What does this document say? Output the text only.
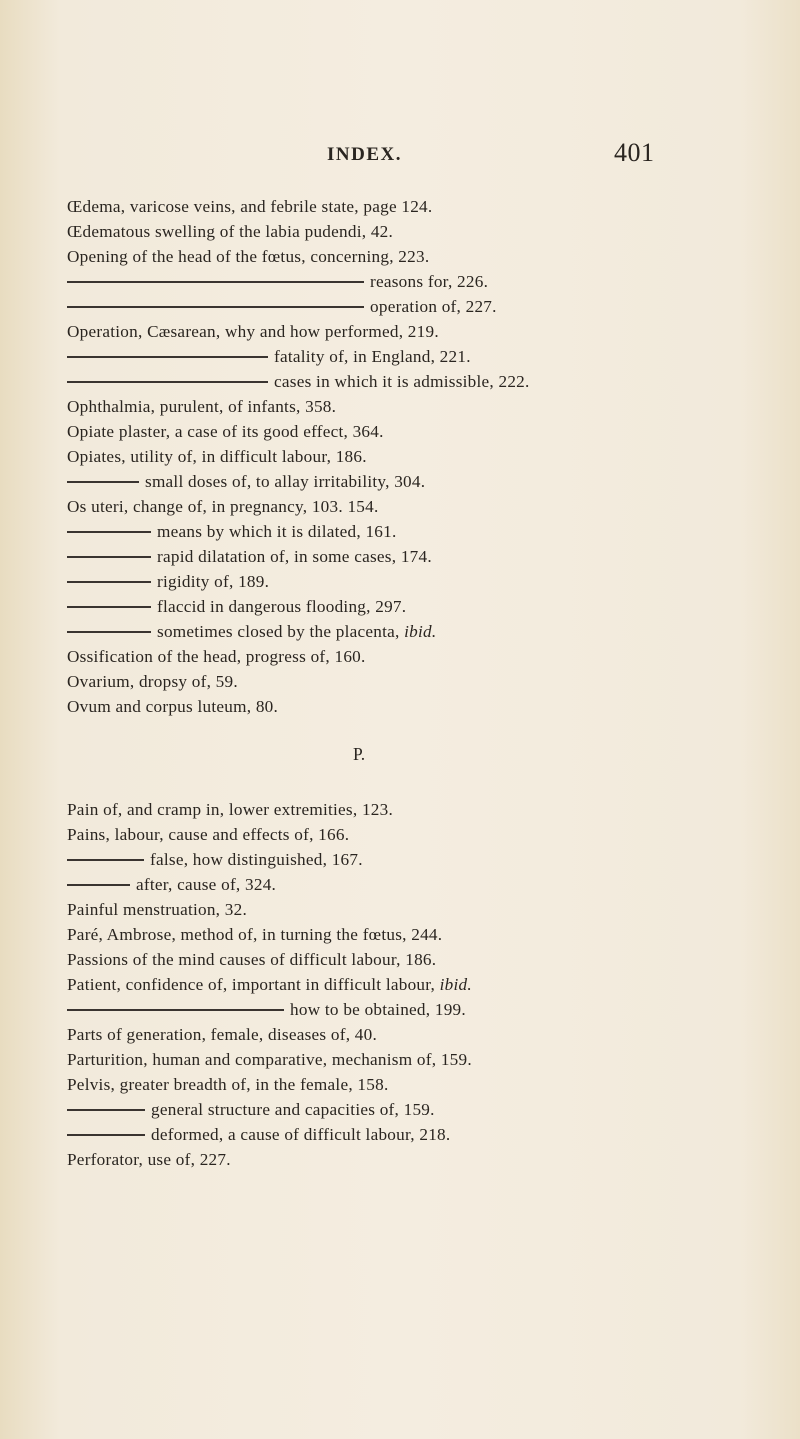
INDEX.	401
Œdema, varicose veins, and febrile state, page 124.
Œdematous swelling of the labia pudendi, 42.
Opening of the head of the fœtus, concerning, 223.
reasons for, 226.
operation of, 227.
Operation, Cæsarean, why and how performed, 219.
fatality of, in England, 221.
cases in which it is admissible, 222.
Ophthalmia, purulent, of infants, 358.
Opiate plaster, a case of its good effect, 364.
Opiates, utility of, in difficult labour, 186.
small doses of, to allay irritability, 304.
Os uteri, change of, in pregnancy, 103. 154.
means by which it is dilated, 161.
rapid dilatation of, in some cases, 174.
rigidity of, 189.
flaccid in dangerous flooding, 297.
sometimes closed by the placenta, ibid.
Ossification of the head, progress of, 160.
Ovarium, dropsy of, 59.
Ovum and corpus luteum, 80.
P.
Pain of, and cramp in, lower extremities, 123.
Pains, labour, cause and effects of, 166.
false, how distinguished, 167.
after, cause of, 324.
Painful menstruation, 32.
Paré, Ambrose, method of, in turning the fœtus, 244.
Passions of the mind causes of difficult labour, 186.
Patient, confidence of, important in difficult labour, ibid.
how to be obtained, 199.
Parts of generation, female, diseases of, 40.
Parturition, human and comparative, mechanism of, 159.
Pelvis, greater breadth of, in the female, 158.
general structure and capacities of, 159.
deformed, a cause of difficult labour, 218.
Perforator, use of, 227.
